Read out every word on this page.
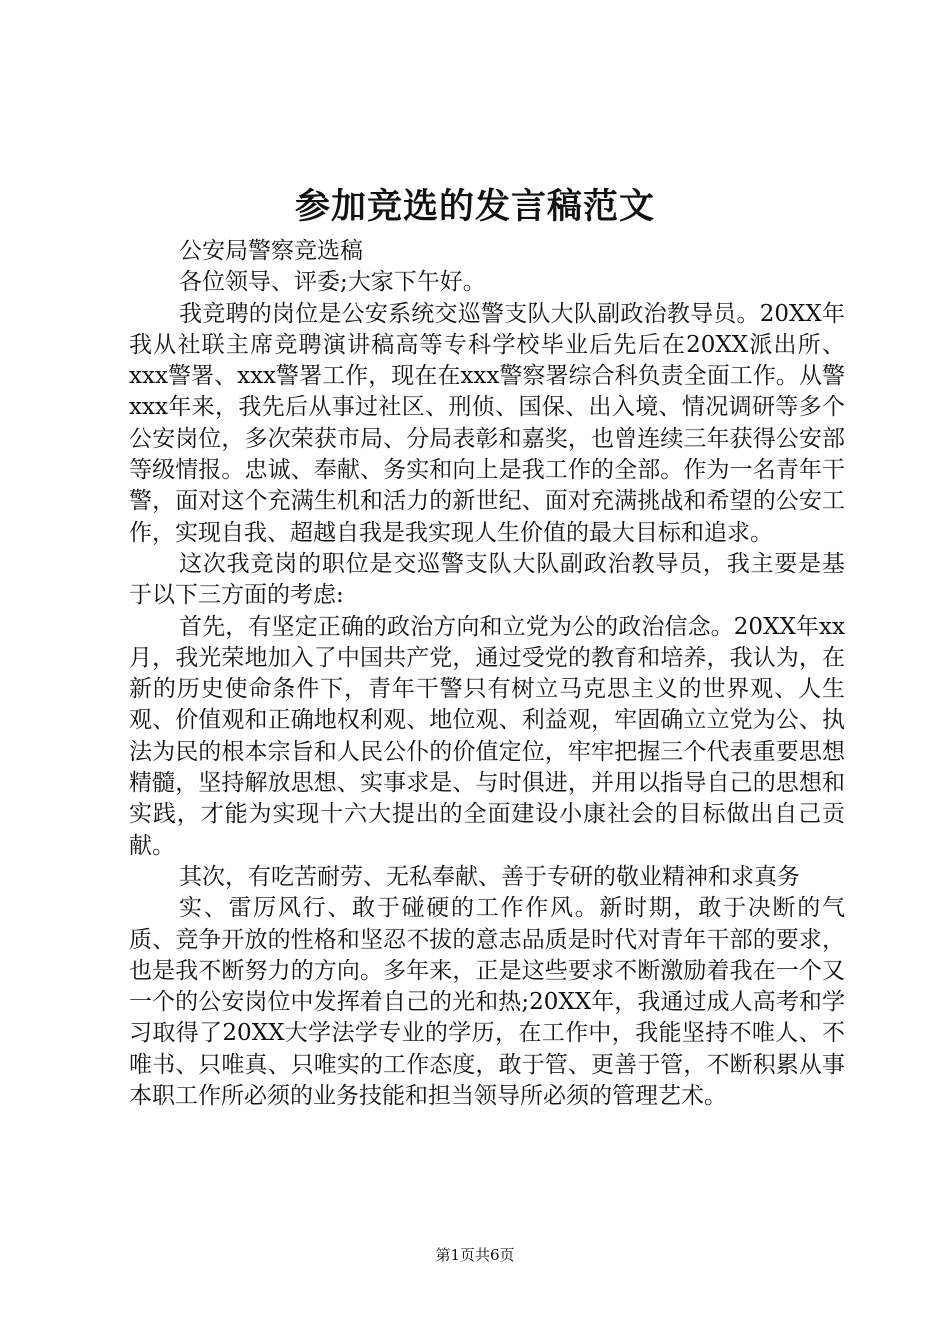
参加竞选的发言稿范文

公安局警察竞选稿

各位领导、评委;大家下午好。

我竞聘的岗位是公安系统交巡警支队大队副政治教导员。20XX年我从社联主席竞聘演讲稿高等专科学校毕业后先后在20XX派出所、xxx警署、xxx警署工作，现在在xxx警察署综合科负责全面工作。从警xxx年来，我先后从事过社区、刑侦、国保、出入境、情况调研等多个公安岗位，多次荣获市局、分局表彰和嘉奖，也曾连续三年获得公安部等级情报。忠诚、奉献、务实和向上是我工作的全部。作为一名青年干警，面对这个充满生机和活力的新世纪、面对充满挑战和希望的公安工作，实现自我、超越自我是我实现人生价值的最大目标和追求。

这次我竞岗的职位是交巡警支队大队副政治教导员，我主要是基于以下三方面的考虑:

首先，有坚定正确的政治方向和立党为公的政治信念。20XX年xx月，我光荣地加入了中国共产党，通过受党的教育和培养，我认为，在新的历史使命条件下，青年干警只有树立马克思主义的世界观、人生观、价值观和正确地权利观、地位观、利益观，牢固确立立党为公、执法为民的根本宗旨和人民公仆的价值定位，牢牢把握三个代表重要思想精髓，坚持解放思想、实事求是、与时俱进，并用以指导自己的思想和实践，才能为实现十六大提出的全面建设小康社会的目标做出自己贡献。

其次，有吃苦耐劳、无私奉献、善于专研的敬业精神和求真务

实、雷厉风行、敢于碰硬的工作作风。新时期，敢于决断的气质、竞争开放的性格和坚忍不拔的意志品质是时代对青年干部的要求，也是我不断努力的方向。多年来，正是这些要求不断激励着我在一个又一个的公安岗位中发挥着自己的光和热;20XX年，我通过成人高考和学习取得了20XX大学法学专业的学历，在工作中，我能坚持不唯人、不唯书、只唯真、只唯实的工作态度，敢于管、更善于管，不断积累从事本职工作所必须的业务技能和担当领导所必须的管理艺术。

第1页共6页
